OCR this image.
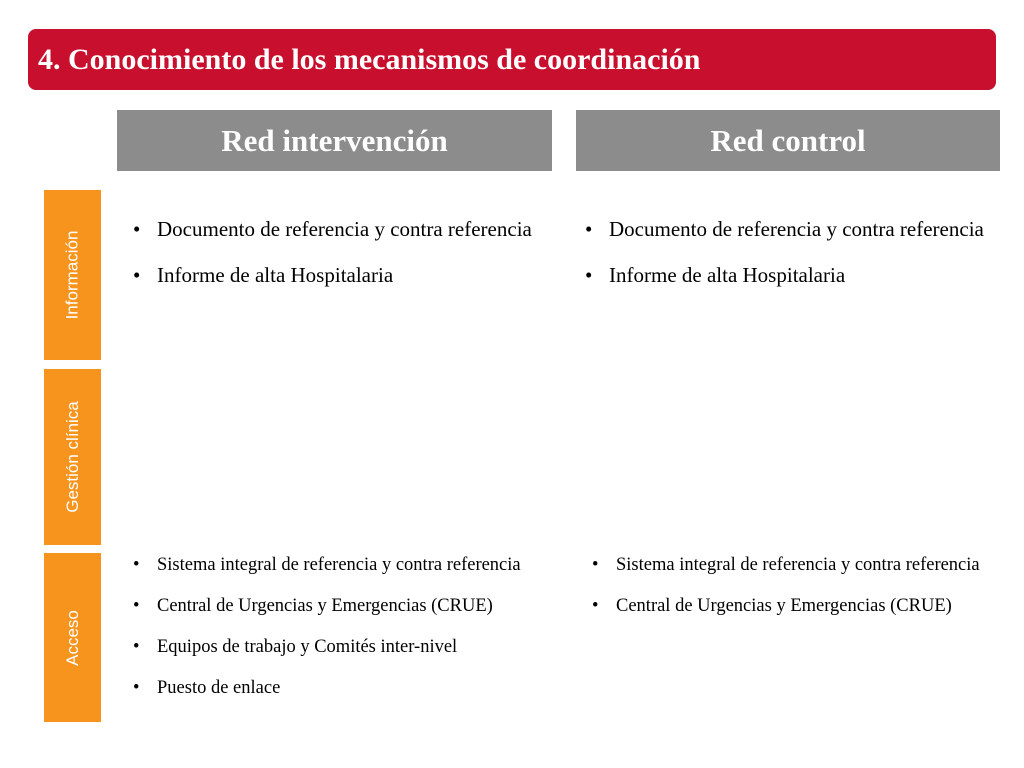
4. Conocimiento de los mecanismos de coordinación
Red intervención	Red control
Información
Gestión clínica
Acceso
• Documento de referencia y contra referencia
• Informe de alta Hospitalaria
• Documento de referencia y contra referencia
• Informe de alta Hospitalaria
• Sistema integral de referencia y contra referencia
• Central de Urgencias y Emergencias (CRUE)
• Equipos de trabajo y Comités inter-nivel
• Puesto de enlace
• Sistema integral de referencia y contra referencia
• Central de Urgencias y Emergencias (CRUE)
